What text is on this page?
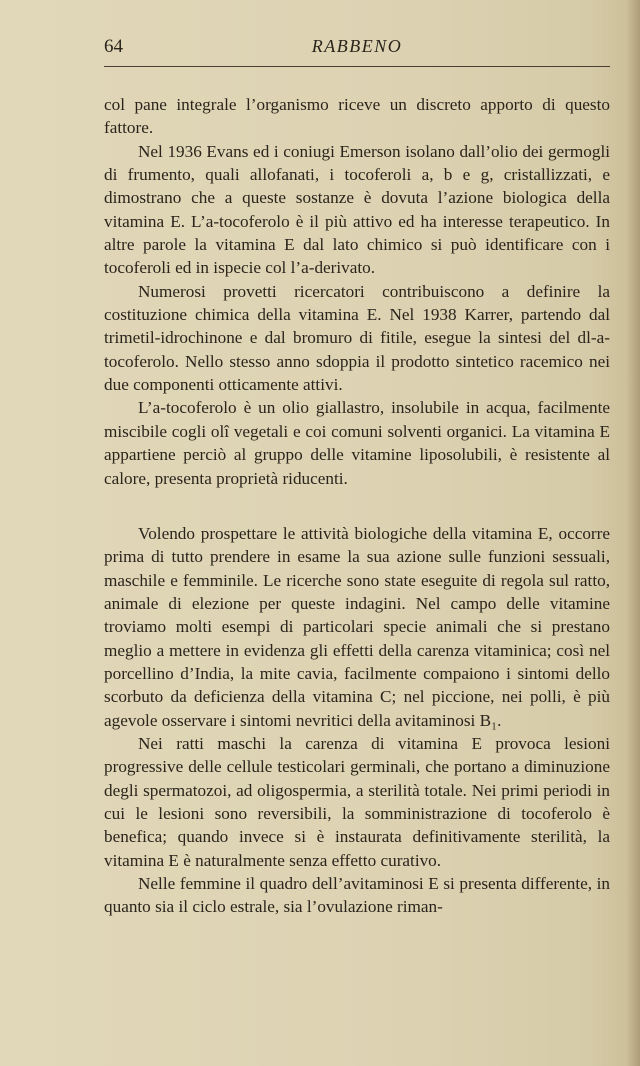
64	RABBENO

col pane integrale l’organismo riceve un discreto apporto di questo fattore.

Nel 1936 Evans ed i coniugi Emerson isolano dall’olio dei germogli di frumento, quali allofanati, i tocoferoli a, b e g, cristallizzati, e dimostrano che a queste sostanze è dovuta l’azione biologica della vitamina E. L’a-tocoferolo è il più attivo ed ha interesse terapeutico. In altre parole la vitamina E dal lato chimico si può identificare con i tocoferoli ed in ispecie col l’a-derivato.

Numerosi provetti ricercatori contribuiscono a definire la costituzione chimica della vitamina E. Nel 1938 Karrer, partendo dal trimetil-idrochinone e dal bromuro di fitile, esegue la sintesi del dl-a-tocoferolo. Nello stesso anno sdoppia il prodotto sintetico racemico nei due componenti otticamente attivi.

L’a-tocoferolo è un olio giallastro, insolubile in acqua, facilmente miscibile cogli olî vegetali e coi comuni solventi organici. La vitamina E appartiene perciò al gruppo delle vitamine liposolubili, è resistente al calore, presenta proprietà riducenti.

Volendo prospettare le attività biologiche della vitamina E, occorre prima di tutto prendere in esame la sua azione sulle funzioni sessuali, maschile e femminile. Le ricerche sono state eseguite di regola sul ratto, animale di elezione per queste indagini. Nel campo delle vitamine troviamo molti esempi di particolari specie animali che si prestano meglio a mettere in evidenza gli effetti della carenza vitaminica; così nel porcellino d’India, la mite cavia, facilmente compaiono i sintomi dello scorbuto da deficienza della vitamina C; nel piccione, nei polli, è più agevole osservare i sintomi nevritici della avitaminosi B₁.

Nei ratti maschi la carenza di vitamina E provoca lesioni progressive delle cellule testicolari germinali, che portano a diminuzione degli spermatozoi, ad oligospermia, a sterilità totale. Nei primi periodi in cui le lesioni sono reversibili, la somministrazione di tocoferolo è benefica; quando invece si è instaurata definitivamente sterilità, la vitamina E è naturalmente senza effetto curativo.

Nelle femmine il quadro dell’avitaminosi E si presenta differente, in quanto sia il ciclo estrale, sia l’ovulazione riman-
